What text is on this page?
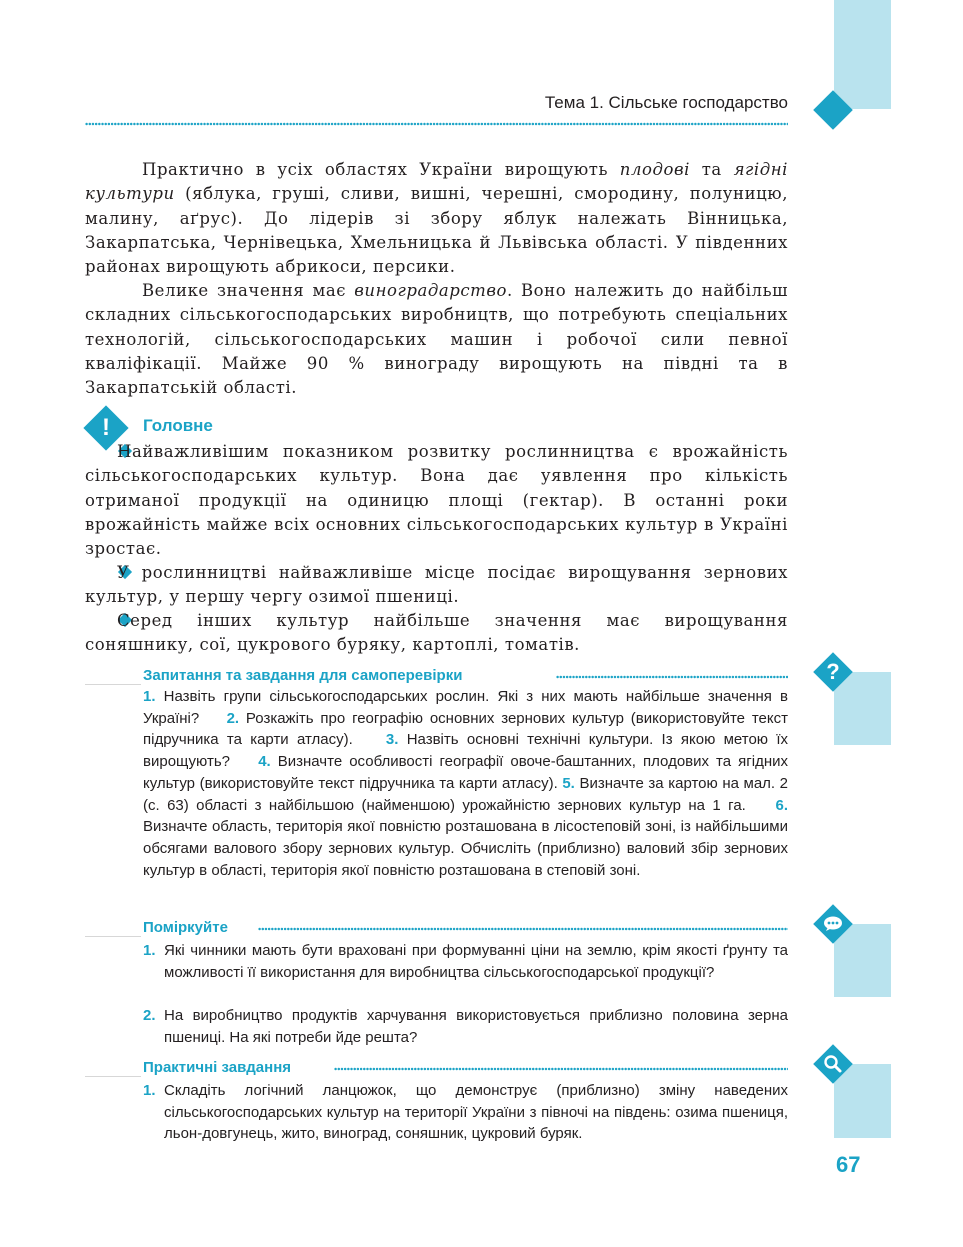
Тема 1. Сільське господарство

Практично в усіх областях України вирощують плодові та ягідні культури (яблука, груші, сливи, вишні, черешні, смородину, полуницю, малину, аґрус). До лідерів зі збору яблук належать Вінницька, Закарпатська, Чернівецька, Хмельницька й Львівська області. У південних районах вирощують абрикоси, персики.

Велике значення має виноградарство. Воно належить до найбільш складних сільськогосподарських виробництв, що потребують спеціальних технологій, сільськогосподарських машин і робочої сили певної кваліфікації. Майже 90 % винограду вирощують на півдні та в Закарпатській області.

!	Головне

Найважливішим показником розвитку рослинництва є врожайність сільськогосподарських культур. Вона дає уявлення про кількість отриманої продукції на одиницю площі (гектар). В останні роки врожайність майже всіх основних сільськогосподарських культур в Україні зростає.

У рослинництві найважливіше місце посідає вирощування зернових культур, у першу чергу озимої пшениці.

Серед інших культур найбільше значення має вирощування соняшнику, сої, цукрового буряку, картоплі, томатів.

Запитання та завдання для самоперевірки	?

1. Назвіть групи сільськогосподарських рослин. Які з них мають найбільше значення в Україні? 2. Розкажіть про географію основних зернових культур (використовуйте текст підручника та карти атласу). 3. Назвіть основні технічні культури. Із якою метою їх вирощують? 4. Визначте особливості географії овоче-баштанних, плодових та ягідних культур (використовуйте текст підручника та карти атласу). 5. Визначте за картою на мал. 2 (с. 63) області з найбільшою (найменшою) урожайністю зернових культур на 1 га. 6. Визначте область, територія якої повністю розташована в лісостеповій зоні, із найбільшими обсягами валового збору зернових культур. Обчисліть (приблизно) валовий збір зернових культур в області, територія якої повністю розташована в степовій зоні.

Поміркуйте
1. Які чинники мають бути враховані при формуванні ціни на землю, крім якості ґрунту та можливості її використання для виробництва сільськогосподарської продукції?
2. На виробництво продуктів харчування використовується приблизно половина зерна пшениці. На які потреби йде решта?
Практичні завдання
1. Складіть логічний ланцюжок, що демонструє (приблизно) зміну наведених сільськогосподарських культур на території України з півночі на південь: озима пшениця, льон-довгунець, жито, виноград, соняшник, цукровий буряк.
67
